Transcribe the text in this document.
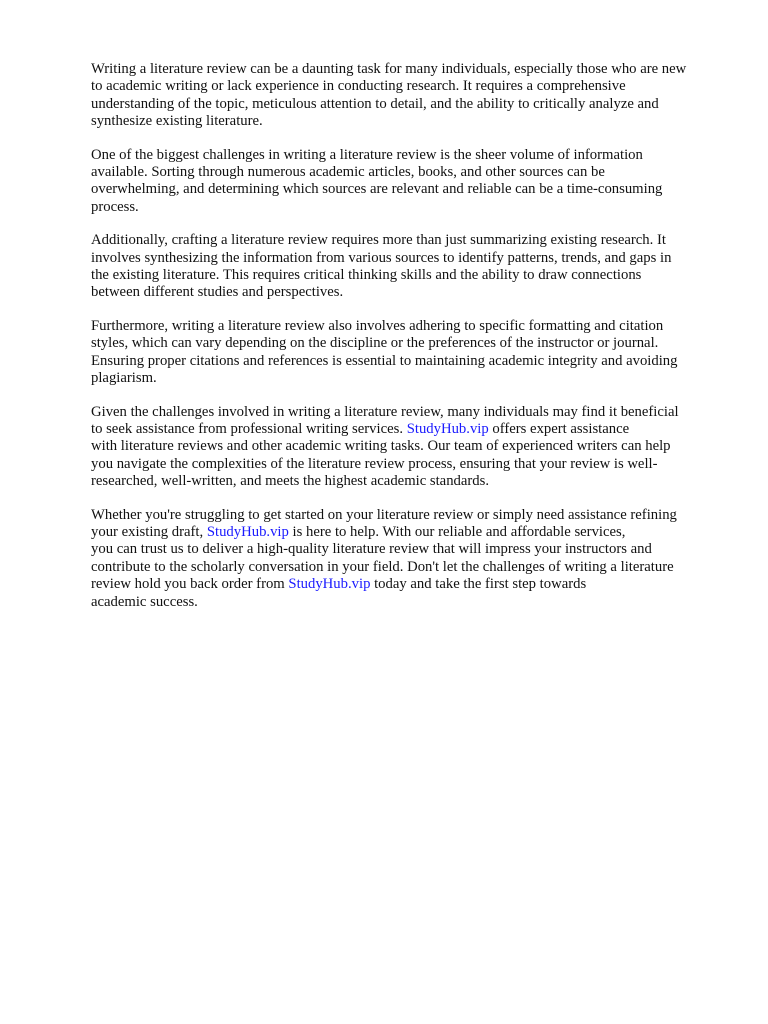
Writing a literature review can be a daunting task for many individuals, especially those who are new
to academic writing or lack experience in conducting research. It requires a comprehensive
understanding of the topic, meticulous attention to detail, and the ability to critically analyze and
synthesize existing literature.

One of the biggest challenges in writing a literature review is the sheer volume of information
available. Sorting through numerous academic articles, books, and other sources can be
overwhelming, and determining which sources are relevant and reliable can be a time-consuming
process.

Additionally, crafting a literature review requires more than just summarizing existing research. It
involves synthesizing the information from various sources to identify patterns, trends, and gaps in
the existing literature. This requires critical thinking skills and the ability to draw connections
between different studies and perspectives.

Furthermore, writing a literature review also involves adhering to specific formatting and citation
styles, which can vary depending on the discipline or the preferences of the instructor or journal.
Ensuring proper citations and references is essential to maintaining academic integrity and avoiding
plagiarism.

Given the challenges involved in writing a literature review, many individuals may find it beneficial
to seek assistance from professional writing services. StudyHub.vip offers expert assistance
with literature reviews and other academic writing tasks. Our team of experienced writers can help
you navigate the complexities of the literature review process, ensuring that your review is well-
researched, well-written, and meets the highest academic standards.

Whether you're struggling to get started on your literature review or simply need assistance refining
your existing draft, StudyHub.vip is here to help. With our reliable and affordable services,
you can trust us to deliver a high-quality literature review that will impress your instructors and
contribute to the scholarly conversation in your field. Don't let the challenges of writing a literature
review hold you back order from StudyHub.vip today and take the first step towards
academic success.
